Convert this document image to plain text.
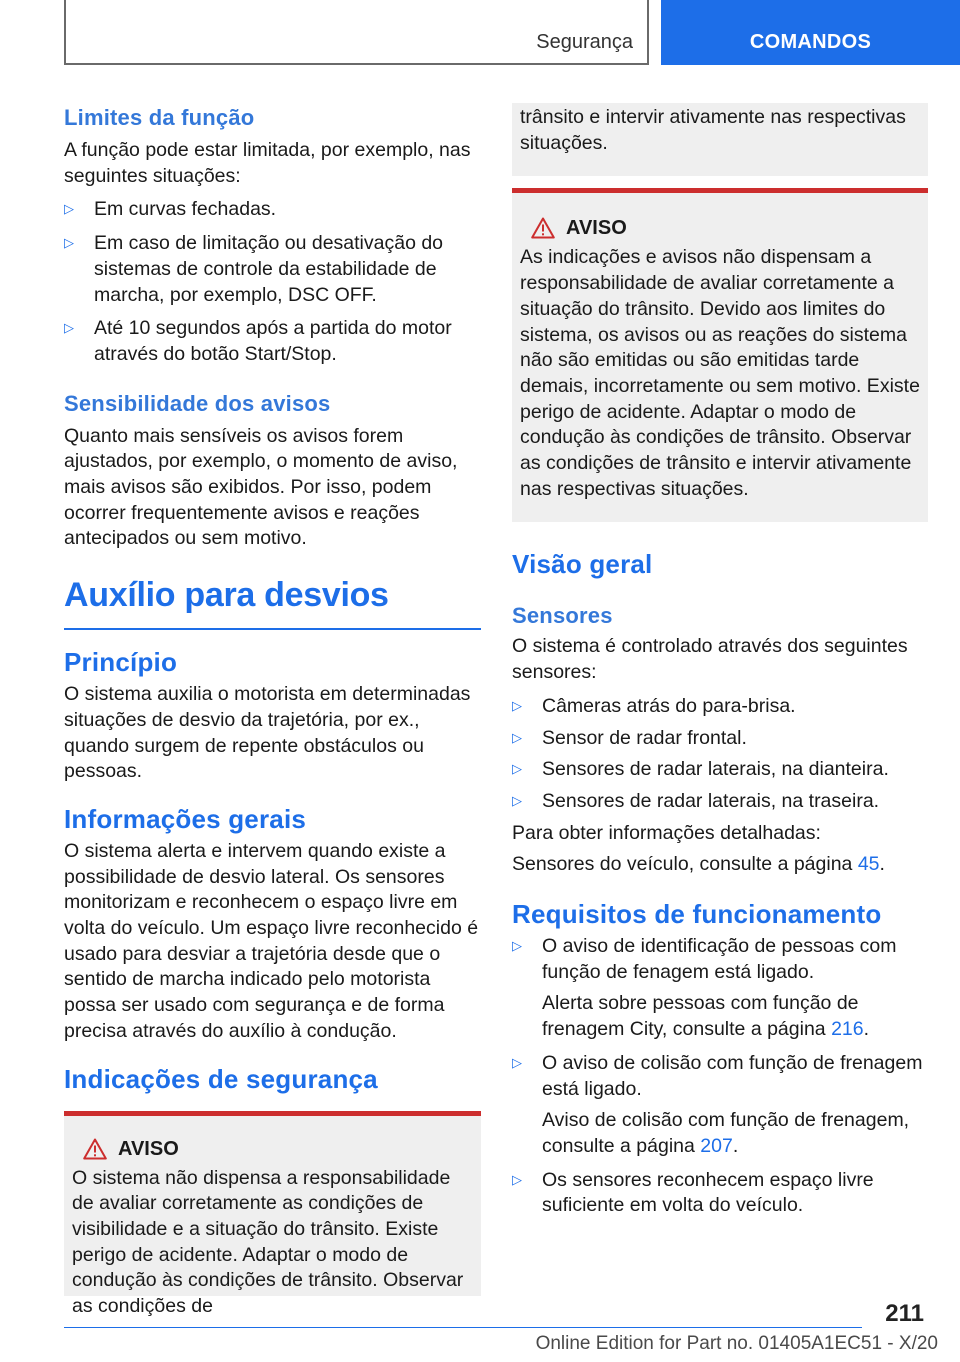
Segurança	COMANDOS
Limites da função
A função pode estar limitada, por exemplo, nas seguintes situações:
▷ Em curvas fechadas.
▷ Em caso de limitação ou desativação do sistemas de controle da estabilidade de marcha, por exemplo, DSC OFF.
▷ Até 10 segundos após a partida do motor através do botão Start/Stop.
Sensibilidade dos avisos
Quanto mais sensíveis os avisos forem ajustados, por exemplo, o momento de aviso, mais avisos são exibidos. Por isso, podem ocorrer frequentemente avisos e reações antecipados ou sem motivo.
Auxílio para desvios
Princípio
O sistema auxilia o motorista em determinadas situações de desvio da trajetória, por ex., quando surgem de repente obstáculos ou pessoas.
Informações gerais
O sistema alerta e intervem quando existe a possibilidade de desvio lateral. Os sensores monitorizam e reconhecem o espaço livre em volta do veículo. Um espaço livre reconhecido é usado para desviar a trajetória desde que o sentido de marcha indicado pelo motorista possa ser usado com segurança e de forma precisa através do auxílio à condução.
Indicações de segurança
AVISO
O sistema não dispensa a responsabilidade de avaliar corretamente as condições de visibilidade e a situação do trânsito. Existe perigo de acidente. Adaptar o modo de condução às condições de trânsito. Observar as condições de
trânsito e intervir ativamente nas respectivas situações.
AVISO
As indicações e avisos não dispensam a responsabilidade de avaliar corretamente a situação do trânsito. Devido aos limites do sistema, os avisos ou as reações do sistema não são emitidas ou são emitidas tarde demais, incorretamente ou sem motivo. Existe perigo de acidente. Adaptar o modo de condução às condições de trânsito. Observar as condições de trânsito e intervir ativamente nas respectivas situações.
Visão geral
Sensores
O sistema é controlado através dos seguintes sensores:
▷ Câmeras atrás do para-brisa.
▷ Sensor de radar frontal.
▷ Sensores de radar laterais, na dianteira.
▷ Sensores de radar laterais, na traseira.
Para obter informações detalhadas:
Sensores do veículo, consulte a página 45.
Requisitos de funcionamento
▷ O aviso de identificação de pessoas com função de fenagem está ligado.
Alerta sobre pessoas com função de frenagem City, consulte a página 216.
▷ O aviso de colisão com função de frenagem está ligado.
Aviso de colisão com função de frenagem, consulte a página 207.
▷ Os sensores reconhecem espaço livre suficiente em volta do veículo.
211
Online Edition for Part no. 01405A1EC51 - X/20
